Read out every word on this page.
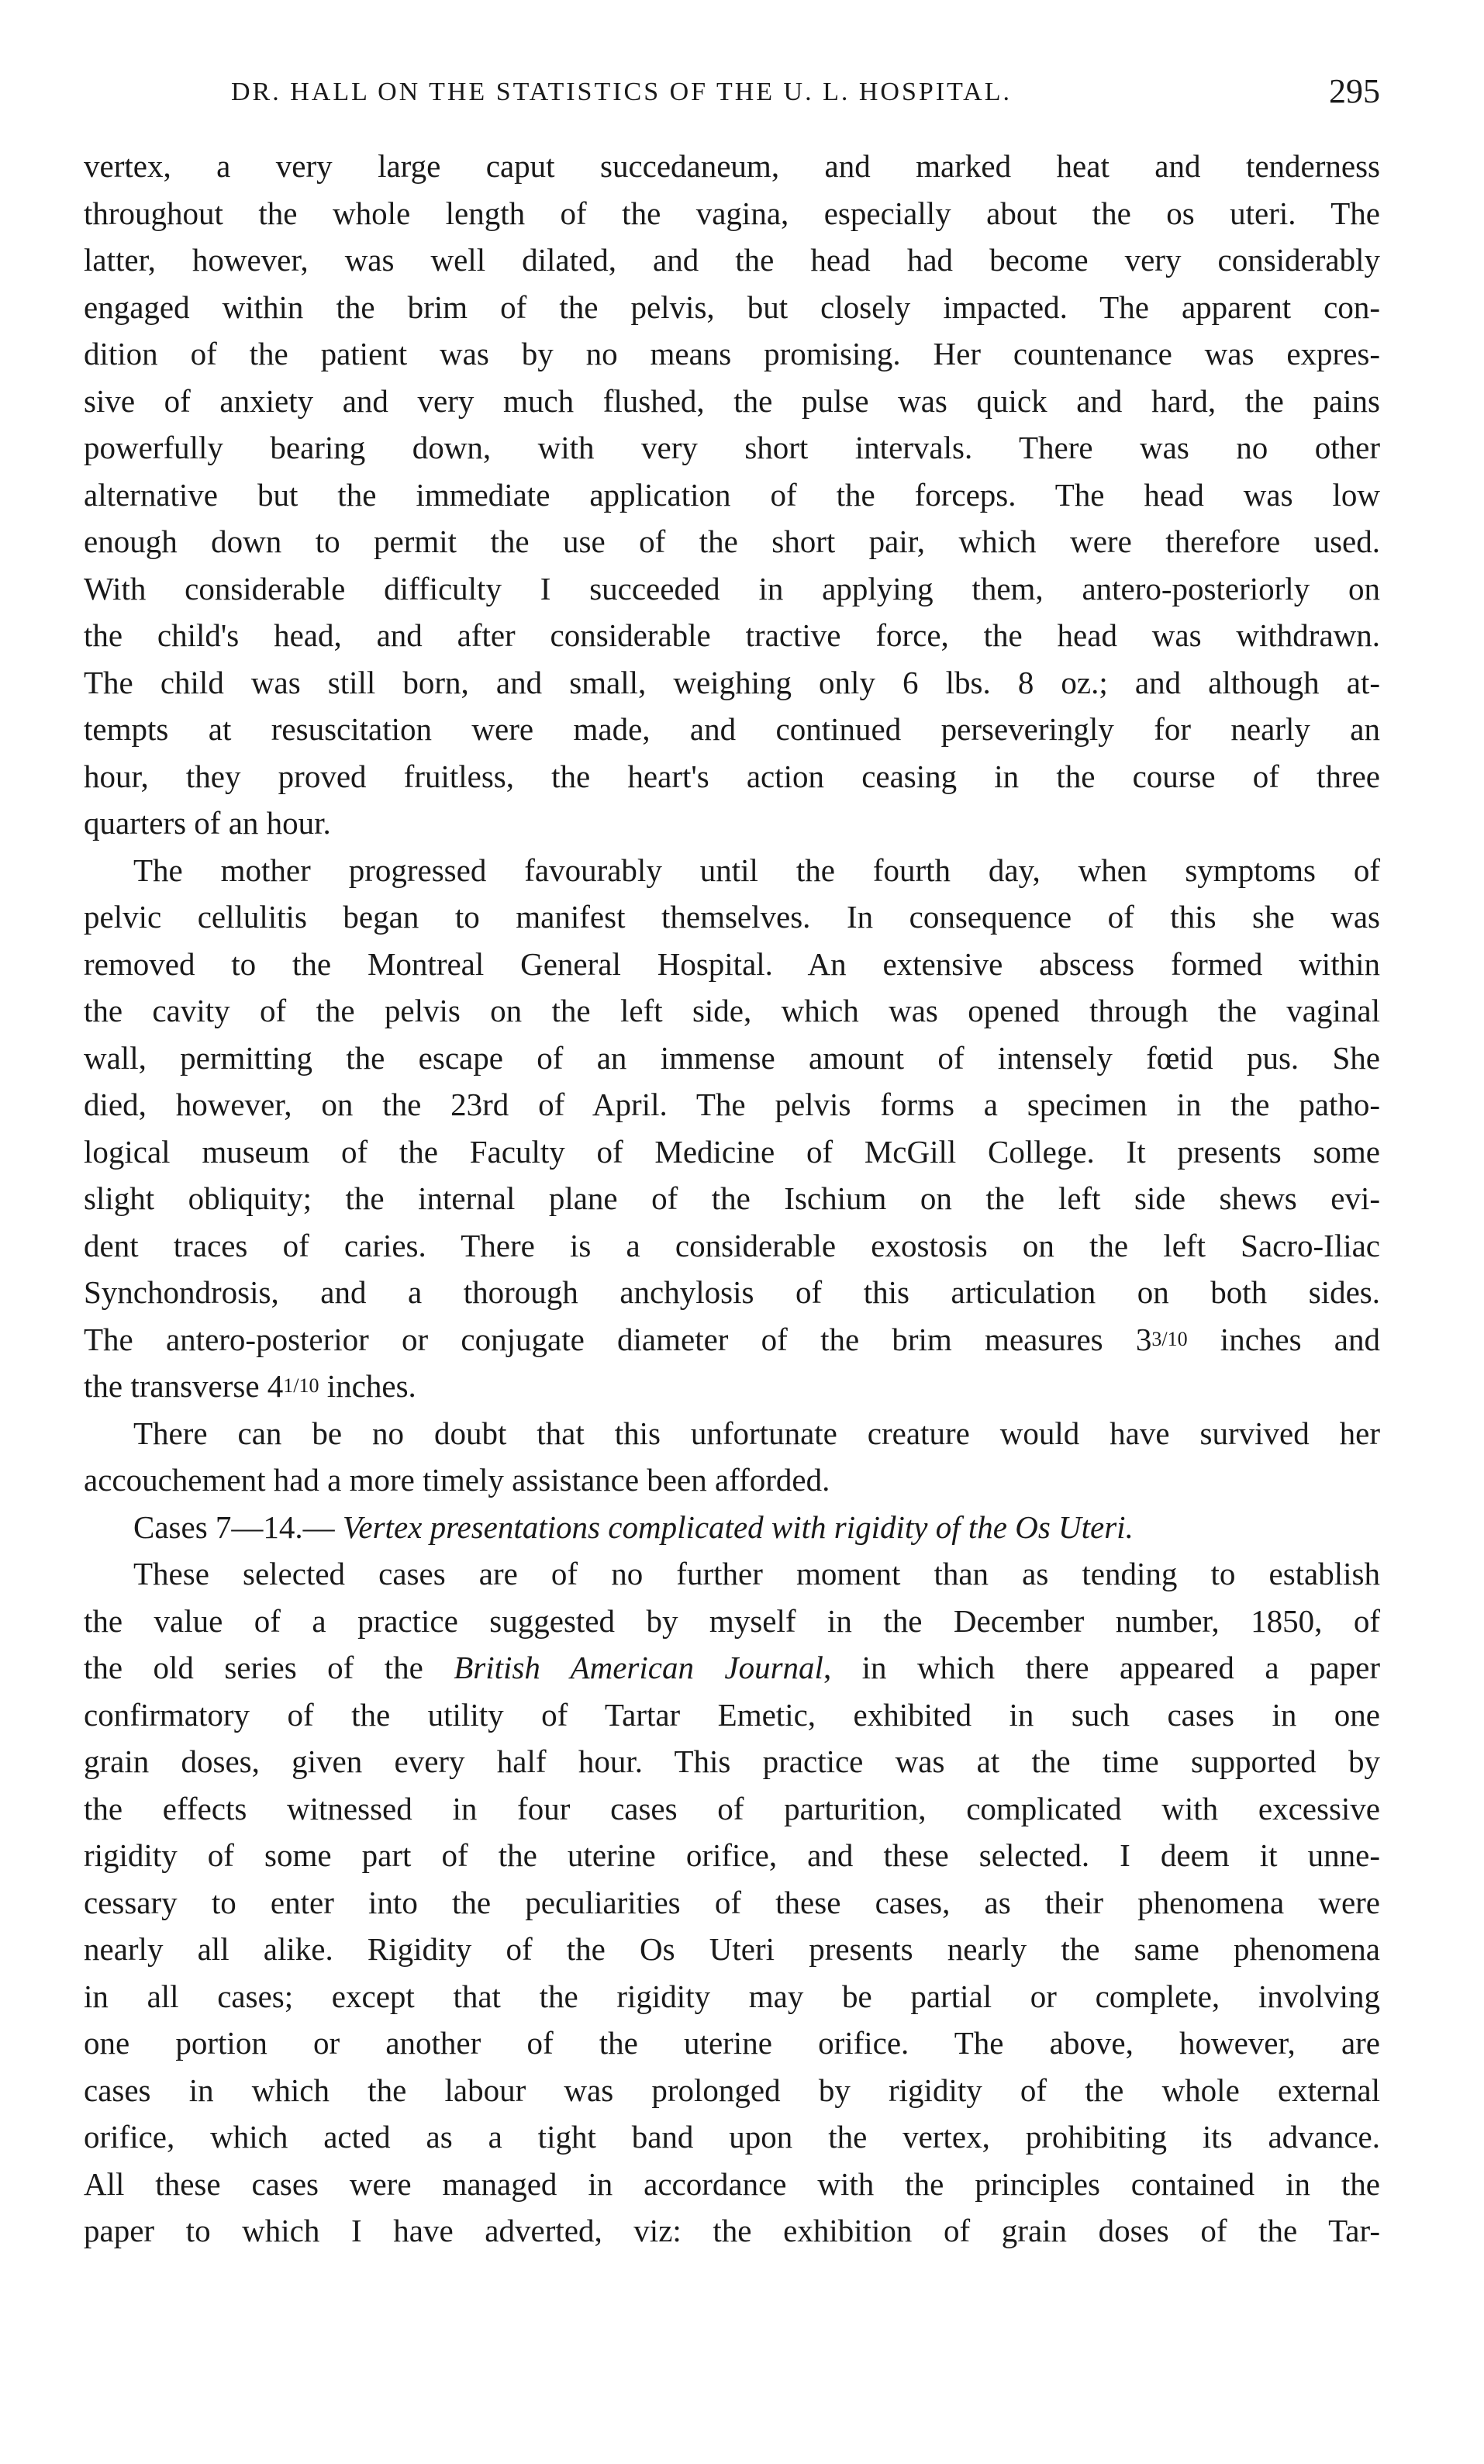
DR. HALL ON THE STATISTICS OF THE U. L. HOSPITAL.	295

vertex, a very large caput succedaneum, and marked heat and tenderness
throughout the whole length of the vagina, especially about the os uteri. The
latter, however, was well dilated, and the head had become very considerably
engaged within the brim of the pelvis, but closely impacted. The apparent con-
dition of the patient was by no means promising. Her countenance was expres-
sive of anxiety and very much flushed, the pulse was quick and hard, the pains
powerfully bearing down, with very short intervals. There was no other
alternative but the immediate application of the forceps. The head was low
enough down to permit the use of the short pair, which were therefore used.
With considerable difficulty I succeeded in applying them, antero-posteriorly on
the child's head, and after considerable tractive force, the head was withdrawn.
The child was still born, and small, weighing only 6 lbs. 8 oz.; and although at-
tempts at resuscitation were made, and continued perseveringly for nearly an
hour, they proved fruitless, the heart's action ceasing in the course of three
quarters of an hour.

The mother progressed favourably until the fourth day, when symptoms of
pelvic cellulitis began to manifest themselves. In consequence of this she was
removed to the Montreal General Hospital. An extensive abscess formed within
the cavity of the pelvis on the left side, which was opened through the vaginal
wall, permitting the escape of an immense amount of intensely fœtid pus. She
died, however, on the 23rd of April. The pelvis forms a specimen in the patho-
logical museum of the Faculty of Medicine of McGill College. It presents some
slight obliquity; the internal plane of the Ischium on the left side shews evi-
dent traces of caries. There is a considerable exostosis on the left Sacro-Iliac
Synchondrosis, and a thorough anchylosis of this articulation on both sides.
The antero-posterior or conjugate diameter of the brim measures 33/10 inches and
the transverse 41/10 inches.

There can be no doubt that this unfortunate creature would have survived her
accouchement had a more timely assistance been afforded.

Cases 7—14.— Vertex presentations complicated with rigidity of the Os Uteri.

These selected cases are of no further moment than as tending to establish
the value of a practice suggested by myself in the December number, 1850, of
the old series of the British American Journal, in which there appeared a paper
confirmatory of the utility of Tartar Emetic, exhibited in such cases in one
grain doses, given every half hour. This practice was at the time supported by
the effects witnessed in four cases of parturition, complicated with excessive
rigidity of some part of the uterine orifice, and these selected. I deem it unne-
cessary to enter into the peculiarities of these cases, as their phenomena were
nearly all alike. Rigidity of the Os Uteri presents nearly the same phenomena
in all cases; except that the rigidity may be partial or complete, involving
one portion or another of the uterine orifice. The above, however, are
cases in which the labour was prolonged by rigidity of the whole external
orifice, which acted as a tight band upon the vertex, prohibiting its advance.
All these cases were managed in accordance with the principles contained in the
paper to which I have adverted, viz: the exhibition of grain doses of the Tar-
